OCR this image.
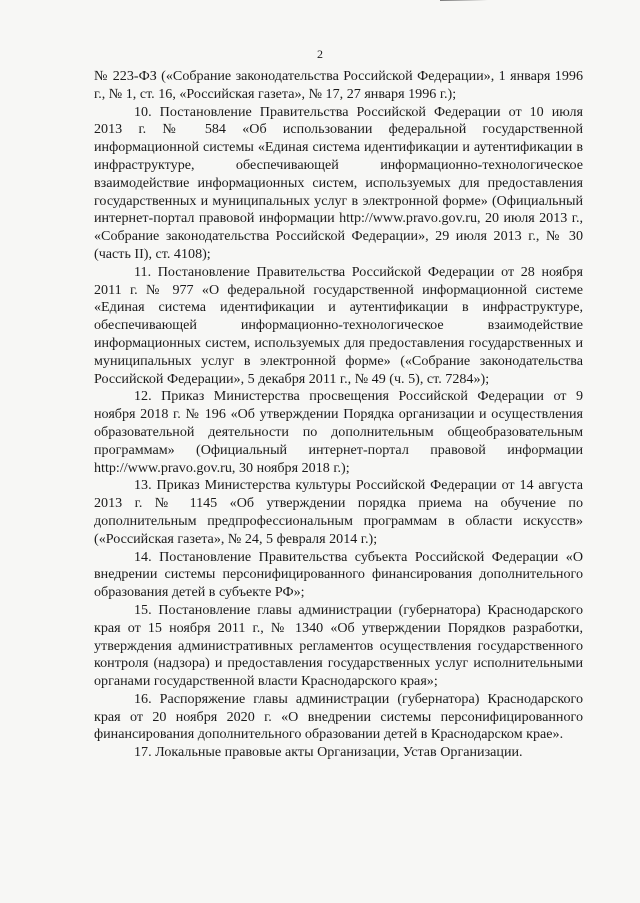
2

№ 223-ФЗ («Собрание законодательства Российской Федерации», 1 января 1996 г., № 1, ст. 16, «Российская газета», № 17, 27 января 1996 г.);

10. Постановление Правительства Российской Федерации от 10 июля 2013 г. № 584 «Об использовании федеральной государственной информационной системы «Единая система идентификации и аутентификации в инфраструктуре, обеспечивающей информационно-технологическое взаимодействие информационных систем, используемых для предоставления государственных и муниципальных услуг в электронной форме» (Официальный интернет-портал правовой информации http://www.pravo.gov.ru, 20 июля 2013 г., «Собрание законодательства Российской Федерации», 29 июля 2013 г., № 30 (часть II), ст. 4108);

11. Постановление Правительства Российской Федерации от 28 ноября 2011 г. № 977 «О федеральной государственной информационной системе «Единая система идентификации и аутентификации в инфраструктуре, обеспечивающей информационно-технологическое взаимодействие информационных систем, используемых для предоставления государственных и муниципальных услуг в электронной форме» («Собрание законодательства Российской Федерации», 5 декабря 2011 г., № 49 (ч. 5), ст. 7284»);

12. Приказ Министерства просвещения Российской Федерации от 9 ноября 2018 г. № 196 «Об утверждении Порядка организации и осуществления образовательной деятельности по дополнительным общеобразовательным программам» (Официальный интернет-портал правовой информации http://www.pravo.gov.ru, 30 ноября 2018 г.);

13. Приказ Министерства культуры Российской Федерации от 14 августа 2013 г. № 1145 «Об утверждении порядка приема на обучение по дополнительным предпрофессиональным программам в области искусств» («Российская газета», № 24, 5 февраля 2014 г.);

14. Постановление Правительства субъекта Российской Федерации «О внедрении системы персонифицированного финансирования дополнительного образования детей в субъекте РФ»;

15. Постановление главы администрации (губернатора) Краснодарского края от 15 ноября 2011 г., № 1340 «Об утверждении Порядков разработки, утверждения административных регламентов осуществления государственного контроля (надзора) и предоставления государственных услуг исполнительными органами государственной власти Краснодарского края»;

16. Распоряжение главы администрации (губернатора) Краснодарского края от 20 ноября 2020 г. «О внедрении системы персонифицированного финансирования дополнительного образовании детей в Краснодарском крае».

17. Локальные правовые акты Организации, Устав Организации.
